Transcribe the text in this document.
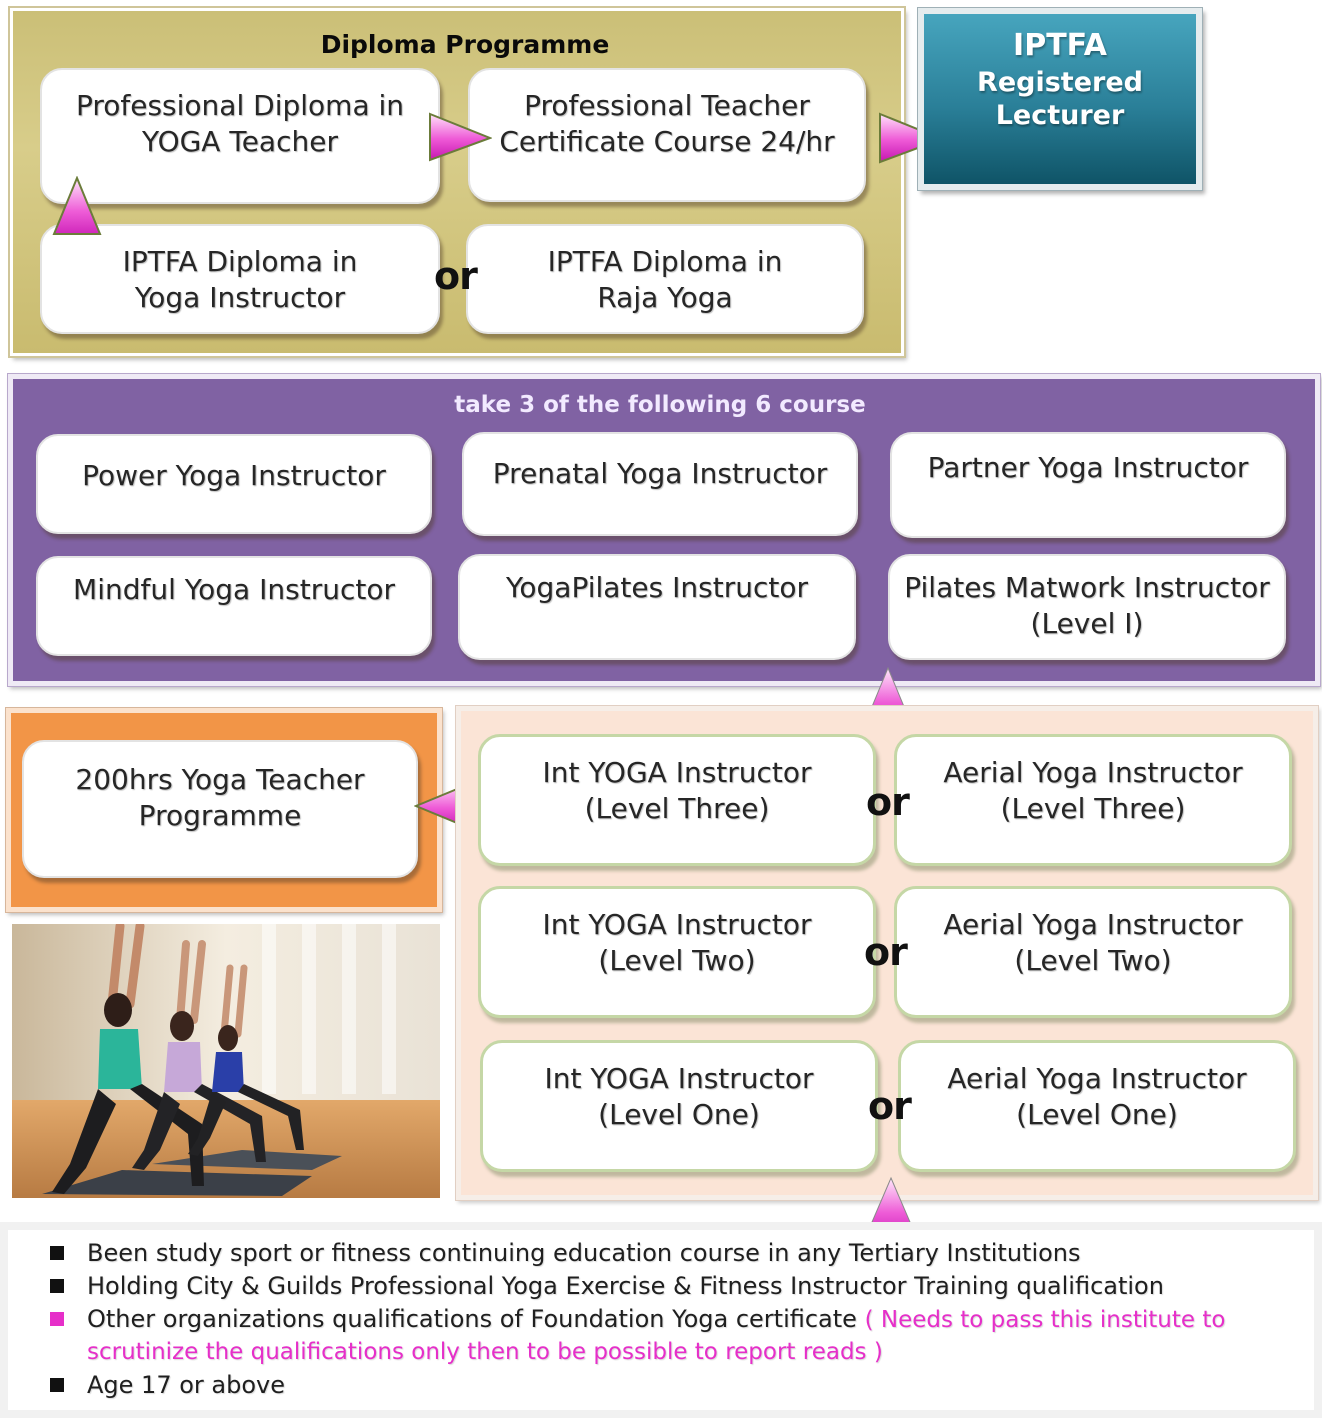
Diploma Programme
Professional Diploma in
YOGA Teacher
Professional Teacher
Certificate Course 24/hr
IPTFA Diploma in
Yoga Instructor
IPTFA Diploma in
Raja Yoga
or
IPTFA
Registered
Lecturer
take 3 of the following 6 course
Power Yoga Instructor	Prenatal Yoga Instructor	Partner Yoga Instructor
Mindful Yoga Instructor	YogaPilates Instructor	Pilates Matwork Instructor
(Level I)
200hrs Yoga Teacher
Programme
Int YOGA Instructor
(Level Three)
Aerial Yoga Instructor
(Level Three)
or
Int YOGA Instructor
(Level Two)
Aerial Yoga Instructor
(Level Two)
or
Int YOGA Instructor
(Level One)
Aerial Yoga Instructor
(Level One)
or
Been study sport or fitness continuing education course in any Tertiary Institutions
Holding City & Guilds Professional Yoga Exercise & Fitness Instructor Training qualification
Other organizations qualifications of Foundation Yoga certificate ( Needs to pass this institute to scrutinize the qualifications only then to be possible to report reads )
Age 17 or above
